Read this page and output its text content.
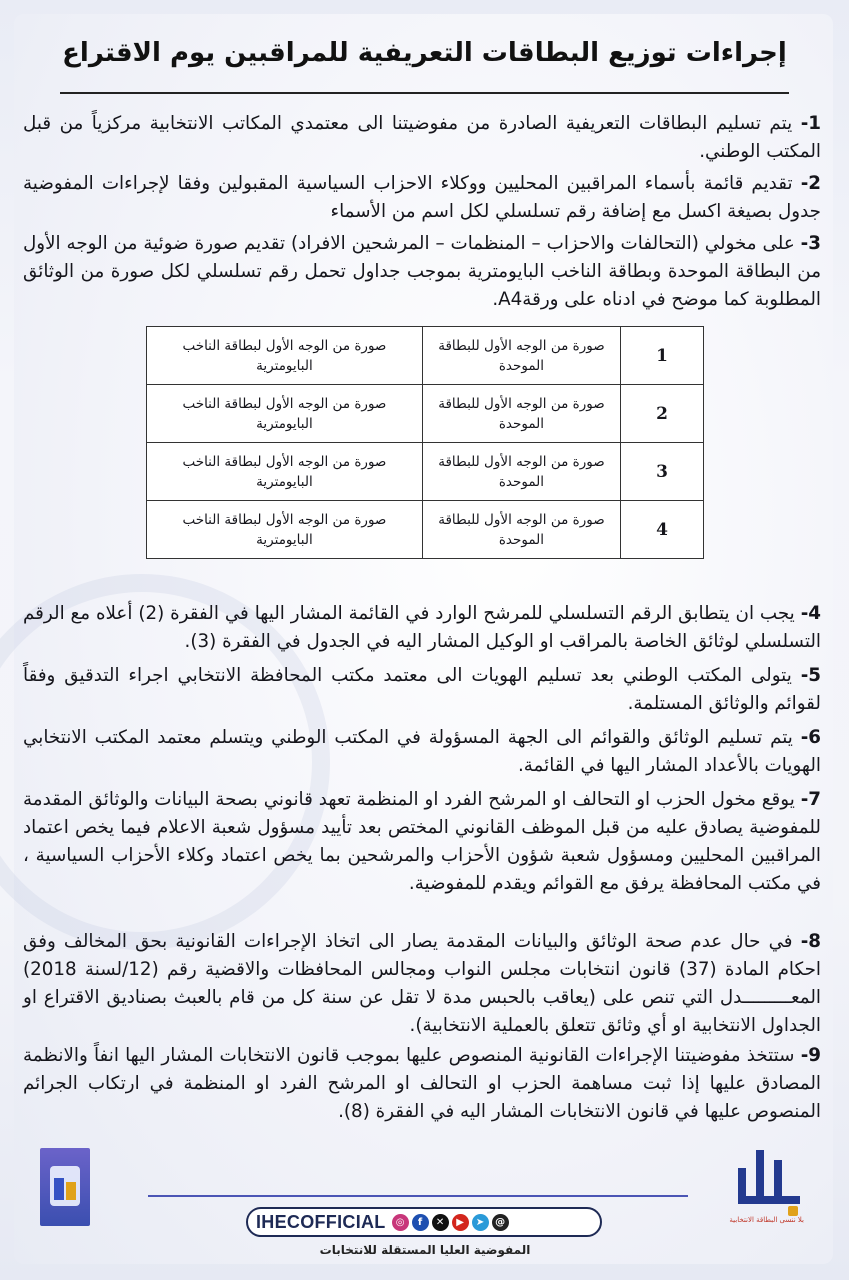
إجراءات توزيع البطاقات التعريفية للمراقبين يوم الاقتراع
1- يتم تسليم البطاقات التعريفية الصادرة من مفوضيتنا الى معتمدي المكاتب الانتخابية مركزياً من قبل المكتب الوطني.
2- تقديم قائمة بأسماء المراقبين المحليين ووكلاء الاحزاب السياسية المقبولين وفقا لإجراءات المفوضية جدول بصيغة اكسل مع إضافة رقم تسلسلي لكل اسم من الأسماء
3- على مخولي (التحالفات والاحزاب – المنظمات – المرشحين الافراد) تقديم صورة ضوئية من الوجه الأول من البطاقة الموحدة وبطاقة الناخب البايومترية بموجب جداول تحمل رقم تسلسلي لكل صورة من الوثائق المطلوبة كما موضح في ادناه على ورقةA4.
1	صورة من الوجه الأول للبطاقة الموحدة	صورة من الوجه الأول لبطاقة الناخب البايومترية
2	صورة من الوجه الأول للبطاقة الموحدة	صورة من الوجه الأول لبطاقة الناخب البايومترية
3	صورة من الوجه الأول للبطاقة الموحدة	صورة من الوجه الأول لبطاقة الناخب البايومترية
4	صورة من الوجه الأول للبطاقة الموحدة	صورة من الوجه الأول لبطاقة الناخب البايومترية
4- يجب ان يتطابق الرقم التسلسلي للمرشح الوارد في القائمة المشار اليها في الفقرة (2) أعلاه مع الرقم التسلسلي لوثائق الخاصة بالمراقب او الوكيل المشار اليه في الجدول في الفقرة (3).
5- يتولى المكتب الوطني بعد تسليم الهويات الى معتمد مكتب المحافظة الانتخابي اجراء التدقيق وفقاً لقوائم والوثائق المستلمة.
6- يتم تسليم الوثائق والقوائم الى الجهة المسؤولة في المكتب الوطني ويتسلم معتمد المكتب الانتخابي الهويات بالأعداد المشار اليها في القائمة.
7- يوقع مخول الحزب او التحالف او المرشح الفرد او المنظمة تعهد قانوني بصحة البيانات والوثائق المقدمة للمفوضية يصادق عليه من قبل الموظف القانوني المختص بعد تأييد مسؤول شعبة الاعلام فيما يخص اعتماد المراقبين المحليين ومسؤول شعبة شؤون الأحزاب والمرشحين بما يخص اعتماد وكلاء الأحزاب السياسية ، في مكتب المحافظة يرفق مع القوائم ويقدم للمفوضية.
8- في حال عدم صحة الوثائق والبيانات المقدمة يصار الى اتخاذ الإجراءات القانونية بحق المخالف وفق احكام المادة (37) قانون انتخابات مجلس النواب ومجالس المحافظات والاقضية رقم (12/لسنة 2018) المعـــــــــدل التي تنص على (يعاقب بالحبس مدة لا تقل عن سنة كل من قام بالعبث بصناديق الاقتراع او الجداول الانتخابية او أي وثائق تتعلق بالعملية الانتخابية).
9- ستتخذ مفوضيتنا الإجراءات القانونية المنصوص عليها بموجب قانون الانتخابات المشار اليها انفاً والانظمة المصادق عليها إذا ثبت مساهمة الحزب او التحالف او المرشح الفرد او المنظمة في ارتكاب الجرائم المنصوص عليها في قانون الانتخابات المشار اليه في الفقرة (8).
بلا ننسى البطاقة الانتخابية
IHECOFFICIAL	◎	f	✕	▶	➤	@
المفوضية العليا المستقلة للانتخابات
